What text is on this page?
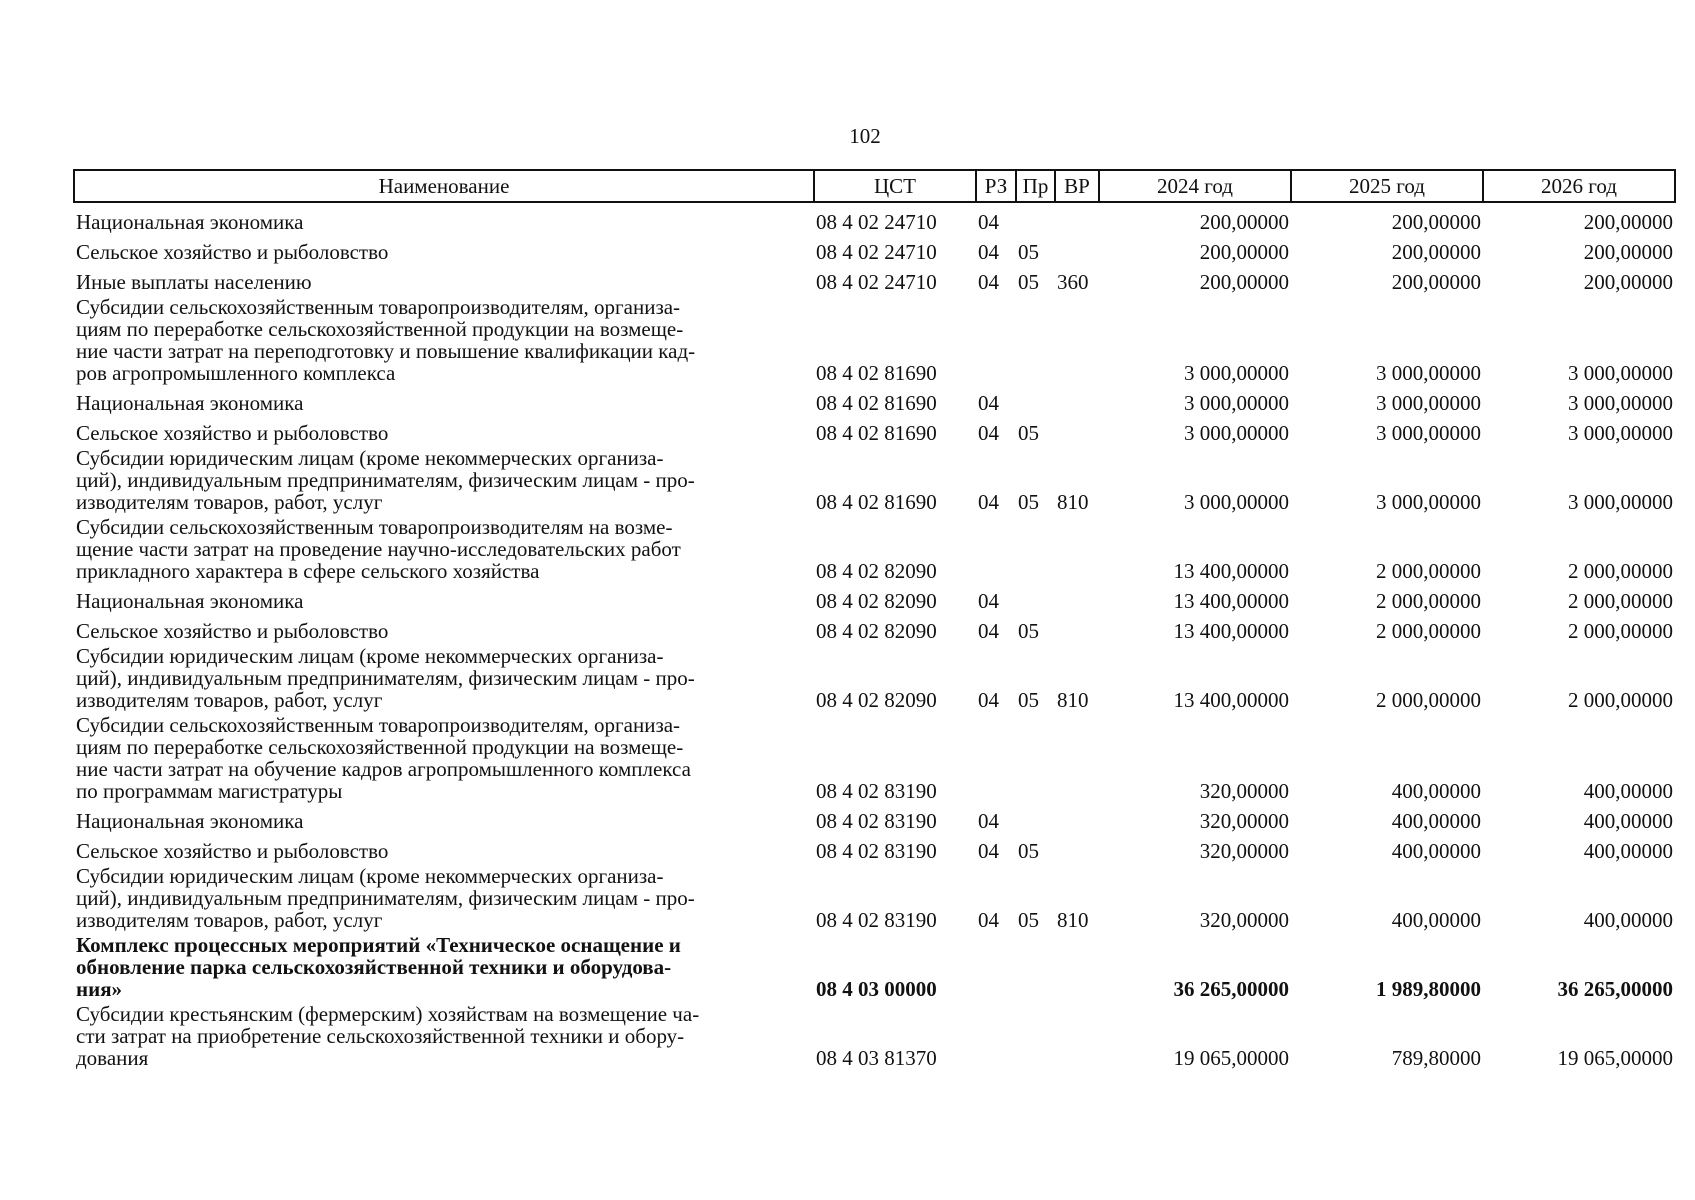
102
Наименование	ЦСТ	РЗ	Пр	ВР	2024 год	2025 год	2026 год
Национальная экономика	08 4 02 24710	04			200,00000	200,00000	200,00000
Сельское хозяйство и рыболовство	08 4 02 24710	04	05		200,00000	200,00000	200,00000
Иные выплаты населению	08 4 02 24710	04	05	360	200,00000	200,00000	200,00000
Субсидии сельскохозяйственным товаропроизводителям, организа-
циям по переработке сельскохозяйственной продукции на возмеще-
ние части затрат на переподготовку и повышение квалификации кад-
ров агропромышленного комплекса	08 4 02 81690				3 000,00000	3 000,00000	3 000,00000
Национальная экономика	08 4 02 81690	04			3 000,00000	3 000,00000	3 000,00000
Сельское хозяйство и рыболовство	08 4 02 81690	04	05		3 000,00000	3 000,00000	3 000,00000
Субсидии юридическим лицам (кроме некоммерческих организа-
ций), индивидуальным предпринимателям, физическим лицам - про-
изводителям товаров, работ, услуг	08 4 02 81690	04	05	810	3 000,00000	3 000,00000	3 000,00000
Субсидии сельскохозяйственным товаропроизводителям на возме-
щение части затрат на проведение научно-исследовательских работ
прикладного характера в сфере сельского хозяйства	08 4 02 82090				13 400,00000	2 000,00000	2 000,00000
Национальная экономика	08 4 02 82090	04			13 400,00000	2 000,00000	2 000,00000
Сельское хозяйство и рыболовство	08 4 02 82090	04	05		13 400,00000	2 000,00000	2 000,00000
Субсидии юридическим лицам (кроме некоммерческих организа-
ций), индивидуальным предпринимателям, физическим лицам - про-
изводителям товаров, работ, услуг	08 4 02 82090	04	05	810	13 400,00000	2 000,00000	2 000,00000
Субсидии сельскохозяйственным товаропроизводителям, организа-
циям по переработке сельскохозяйственной продукции на возмеще-
ние части затрат на обучение кадров агропромышленного комплекса
по программам магистратуры	08 4 02 83190				320,00000	400,00000	400,00000
Национальная экономика	08 4 02 83190	04			320,00000	400,00000	400,00000
Сельское хозяйство и рыболовство	08 4 02 83190	04	05		320,00000	400,00000	400,00000
Субсидии юридическим лицам (кроме некоммерческих организа-
ций), индивидуальным предпринимателям, физическим лицам - про-
изводителям товаров, работ, услуг	08 4 02 83190	04	05	810	320,00000	400,00000	400,00000
Комплекс процессных мероприятий «Техническое оснащение и
обновление парка сельскохозяйственной техники и оборудова-
ния»	08 4 03 00000				36 265,00000	1 989,80000	36 265,00000
Субсидии крестьянским (фермерским) хозяйствам на возмещение ча-
сти затрат на приобретение сельскохозяйственной техники и обору-
дования	08 4 03 81370				19 065,00000	789,80000	19 065,00000
